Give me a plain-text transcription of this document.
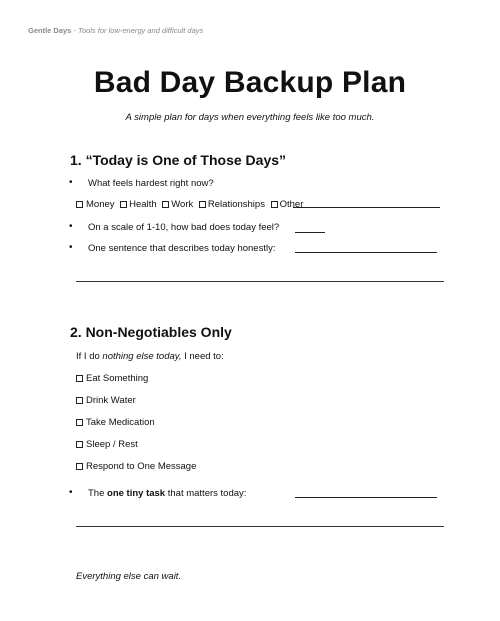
Gentle Days - Tools for low-energy and difficult days
Bad Day Backup Plan
A simple plan for days when everything feels like too much.
1. “Today is One of Those Days”
• What feels hardest right now?
Money Health Work Relationships Other
• On a scale of 1-10, how bad does today feel?
• One sentence that describes today honestly:
2. Non-Negotiables Only
If I do nothing else today, I need to:
Eat Something
Drink Water
Take Medication
Sleep / Rest
Respond to One Message
• The one tiny task that matters today:
Everything else can wait.
